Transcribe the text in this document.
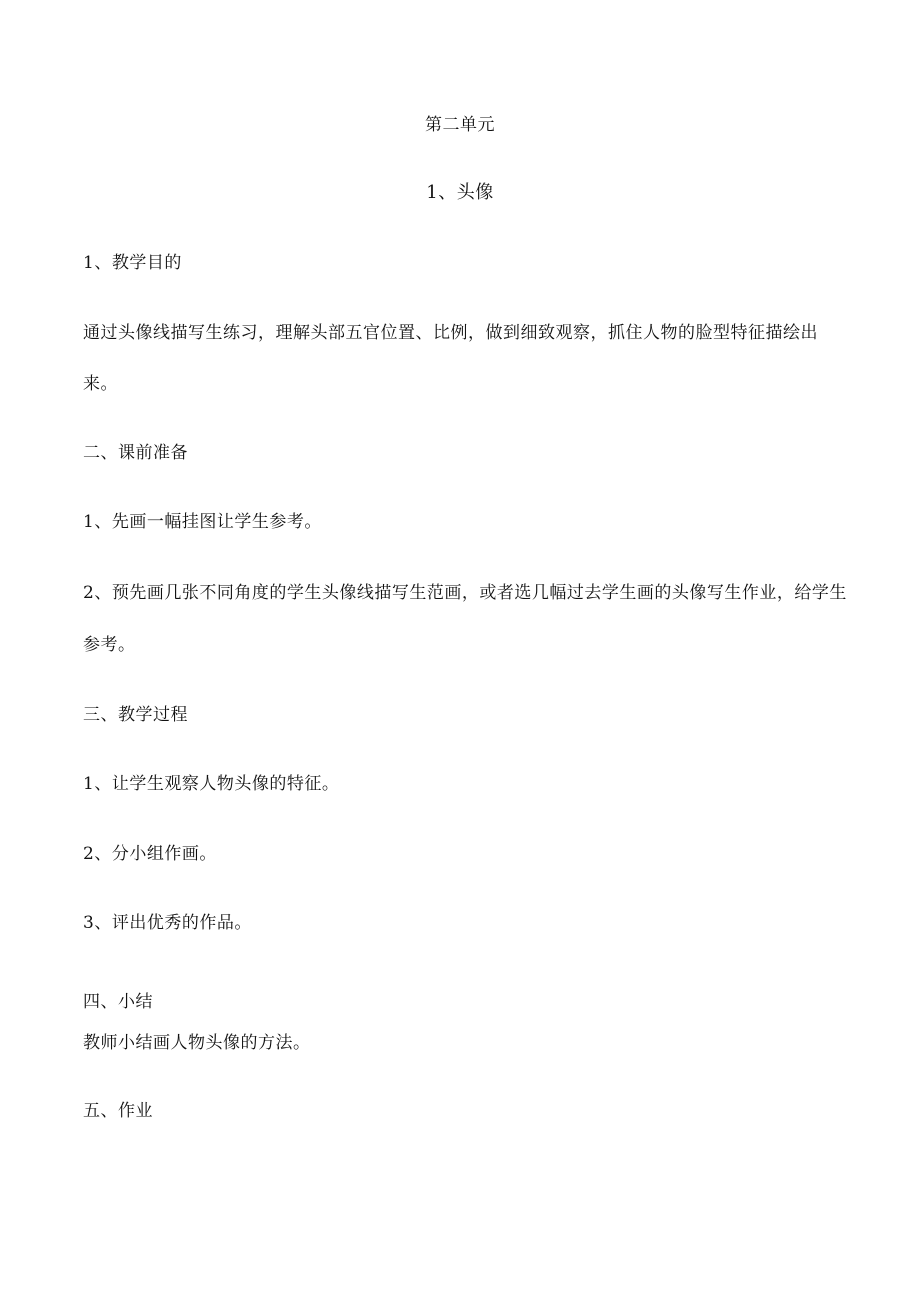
第二单元
1、头像
1、教学目的
通过头像线描写生练习，理解头部五官位置、比例，做到细致观察，抓住人物的脸型特征描绘出
来。
二、课前准备
1、先画一幅挂图让学生参考。
2、预先画几张不同角度的学生头像线描写生范画，或者选几幅过去学生画的头像写生作业，给学生
参考。
三、教学过程
1、让学生观察人物头像的特征。
2、分小组作画。
3、评出优秀的作品。
四、小结
教师小结画人物头像的方法。
五、作业
